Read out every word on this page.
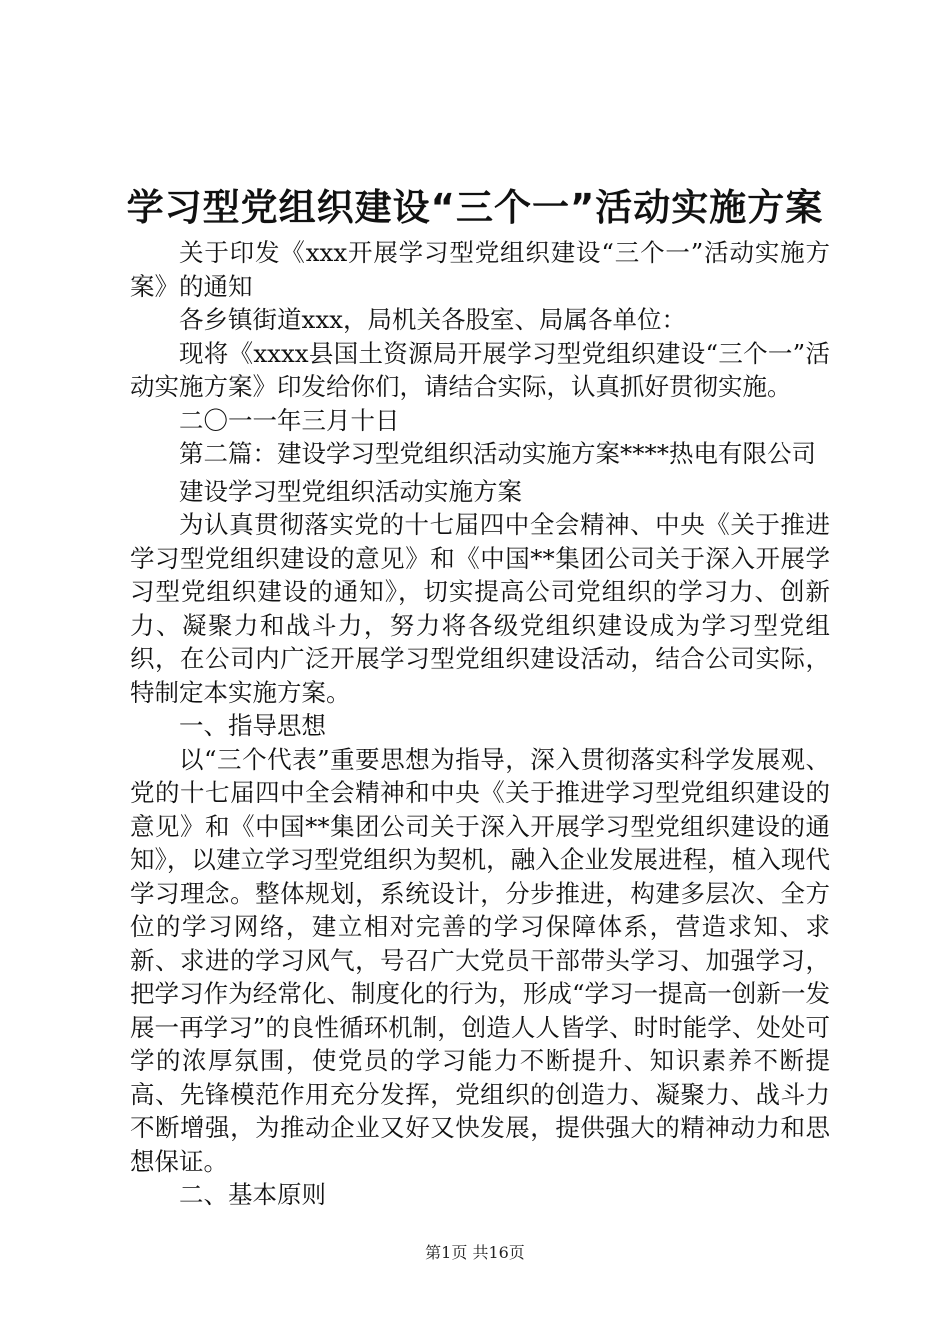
学习型党组织建设“三个一”活动实施方案

关于印发《xxx开展学习型党组织建设“三个一”活动实施方案》的通知

各乡镇街道xxx，局机关各股室、局属各单位：

现将《xxxx县国土资源局开展学习型党组织建设“三个一”活动实施方案》印发给你们，请结合实际，认真抓好贯彻实施。

二〇一一年三月十日

第二篇：建设学习型党组织活动实施方案****热电有限公司

建设学习型党组织活动实施方案

为认真贯彻落实党的十七届四中全会精神、中央《关于推进学习型党组织建设的意见》和《中国**集团公司关于深入开展学习型党组织建设的通知》，切实提高公司党组织的学习力、创新力、凝聚力和战斗力，努力将各级党组织建设成为学习型党组织，在公司内广泛开展学习型党组织建设活动，结合公司实际，特制定本实施方案。

一、指导思想

以“三个代表”重要思想为指导，深入贯彻落实科学发展观、党的十七届四中全会精神和中央《关于推进学习型党组织建设的意见》和《中国**集团公司关于深入开展学习型党组织建设的通知》，以建立学习型党组织为契机，融入企业发展进程，植入现代学习理念。整体规划，系统设计，分步推进，构建多层次、全方位的学习网络，建立相对完善的学习保障体系，营造求知、求新、求进的学习风气，号召广大党员干部带头学习、加强学习，把学习作为经常化、制度化的行为，形成“学习一提高一创新一发展一再学习”的良性循环机制，创造人人皆学、时时能学、处处可学的浓厚氛围，使党员的学习能力不断提升、知识素养不断提高、先锋模范作用充分发挥，党组织的创造力、凝聚力、战斗力不断增强，为推动企业又好又快发展，提供强大的精神动力和思想保证。

二、基本原则

第1页 共16页
